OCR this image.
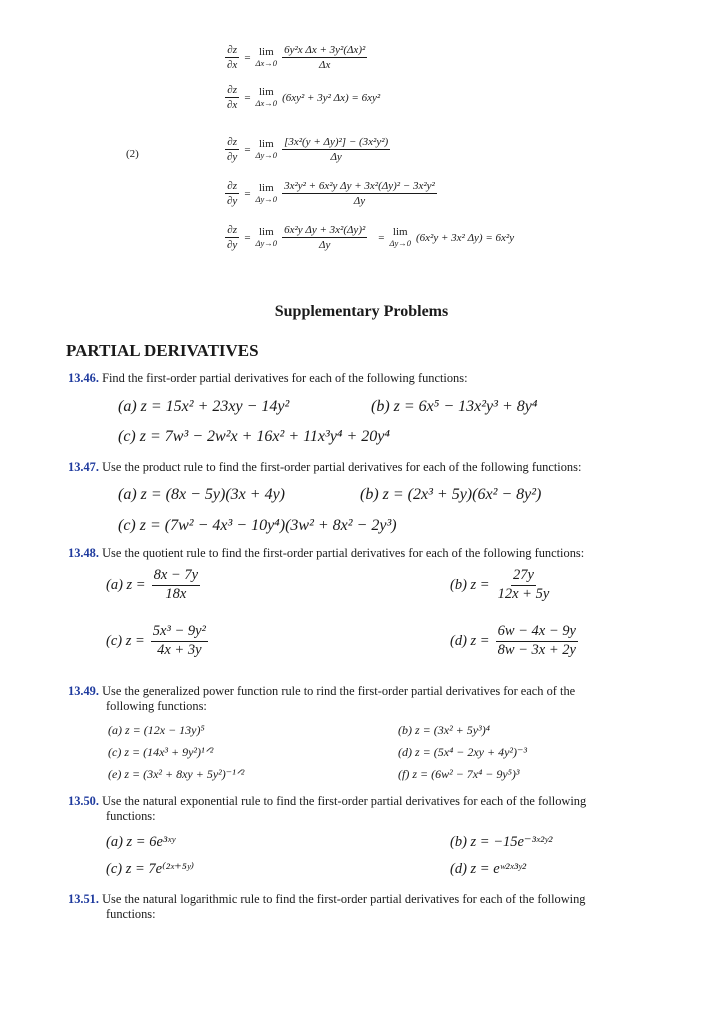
$\frac{\partial z}{\partial x} = \lim$
$\Delta x\to 0 \frac{\text{6y²x Δx + 3y²(Δx)²}}{\Delta x}$
$\frac{\partial z}{\partial x} = \lim$
Δx→0 (6xy² + 3y² Δx) = 6xy²
(2)	$\frac{\partial z}{\partial y} = \lim$
$\Delta y\to 0 \frac{\text{[3x²(y + Δy)²] − (3x²y²)}}{\Delta y}$
$\frac{\partial z}{\partial y} = \lim$
$\Delta y\to 0 \frac{\text{3x²y² + 6x²y Δy + 3x²(Δy)² − 3x²y²}}{\Delta y}$
$\frac{\partial z}{\partial y} = \lim$
$\Delta y\to 0 \frac{\text{6x²y Δy + 3x²(Δy)²}}{\Delta y} = \lim$
Δy→0 (6x²y + 3x² Δy) = 6x²y
Supplementary Problems
PARTIAL DERIVATIVES
13.46. Find the first-order partial derivatives for each of the following functions:
(a) z = 15x² + 23xy − 14y²	(b) z = 6x⁵ − 13x²y³ + 8y⁴
(c) z = 7w³ − 2w²x + 16x² + 11x³y⁴ + 20y⁴
13.47. Use the product rule to find the first-order partial derivatives for each of the following functions:
(a) z = (8x − 5y)(3x + 4y)	(b) z = (2x³ + 5y)(6x² − 8y²)
(c) z = (7w² − 4x³ − 10y⁴)(3w² + 8x² − 2y³)
13.48. Use the quotient rule to find the first-order partial derivatives for each of the following functions:
(a) $z = \frac{8x - 7y}{18x}$	(b) $z = \frac{27y}{12x + 5y}$
(c) $z = \frac{\text{5x³ − 9y²}}{4x + 3y}$	(d) $z = \frac{6w - 4x - 9y}{8w - 3x + 2y}$
13.49. Use the generalized power function rule to rind the first-order partial derivatives for each of the
following functions:
(a) z = (12x − 13y)⁵	(b) z = (3x² + 5y³)⁴
(c) z = (14x³ + 9y²)¹ᐟ²	(d) z = (5x⁴ − 2xy + 4y²)⁻³
(e) z = (3x² + 8xy + 5y²)⁻¹ᐟ²	(f) z = (6w² − 7x⁴ − 9y⁵)³
13.50. Use the natural exponential rule to find the first-order partial derivatives for each of the following
functions:
(a) z = 6e³ˣʸ	(b) z = −15e⁻³ˣ²ʸ²
(c) z = 7e⁽²ˣ⁺⁵ʸ⁾	(d) z = eʷ²ˣ³ʸ²
13.51. Use the natural logarithmic rule to find the first-order partial derivatives for each of the following
functions:
